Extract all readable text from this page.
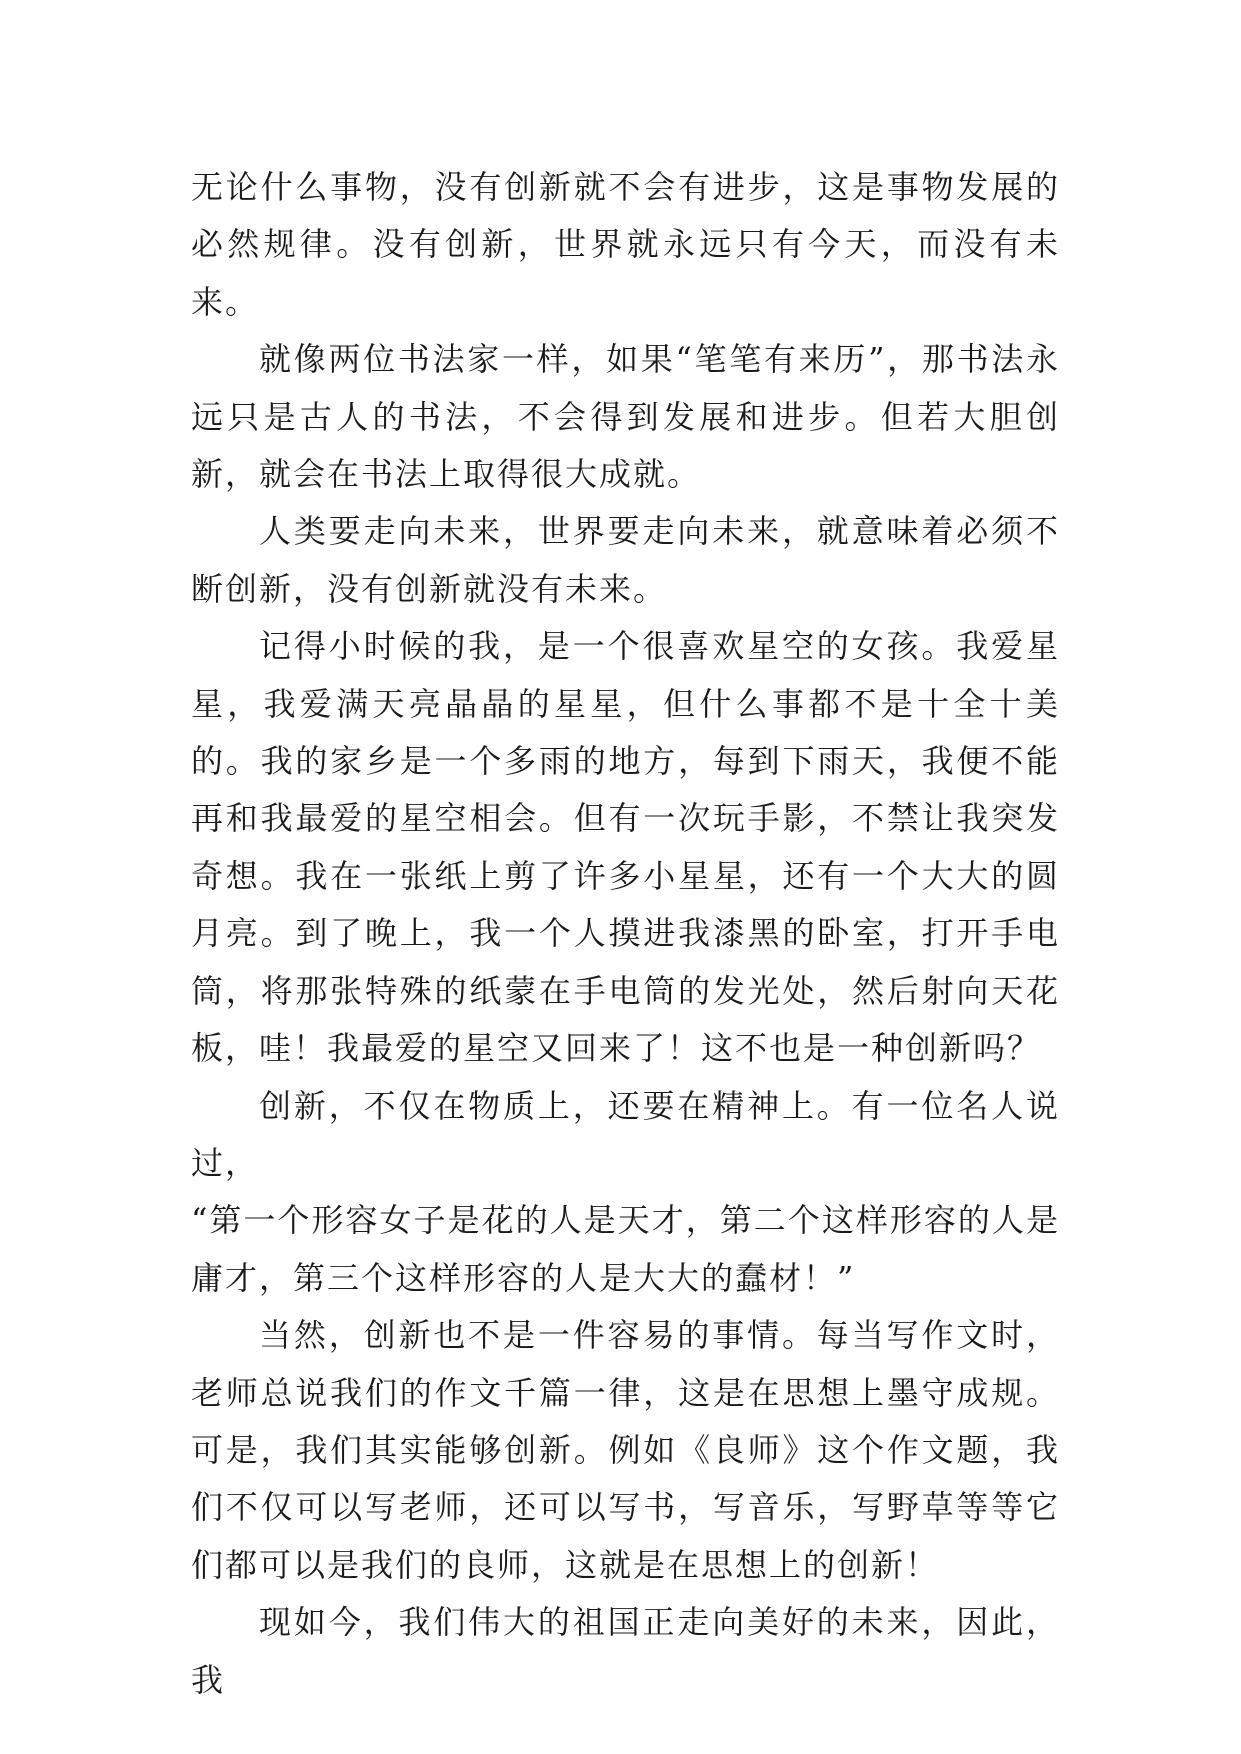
无论什么事物，没有创新就不会有进步，这是事物发展的必然规律。没有创新，世界就永远只有今天，而没有未来。

就像两位书法家一样，如果“笔笔有来历”，那书法永远只是古人的书法，不会得到发展和进步。但若大胆创新，就会在书法上取得很大成就。

人类要走向未来，世界要走向未来，就意味着必须不断创新，没有创新就没有未来。

记得小时候的我，是一个很喜欢星空的女孩。我爱星星，我爱满天亮晶晶的星星，但什么事都不是十全十美的。我的家乡是一个多雨的地方，每到下雨天，我便不能再和我最爱的星空相会。但有一次玩手影，不禁让我突发奇想。我在一张纸上剪了许多小星星，还有一个大大的圆月亮。到了晚上，我一个人摸进我漆黑的卧室，打开手电筒，将那张特殊的纸蒙在手电筒的发光处，然后射向天花板，哇！我最爱的星空又回来了！这不也是一种创新吗？

创新，不仅在物质上，还要在精神上。有一位名人说过，

“第一个形容女子是花的人是天才，第二个这样形容的人是庸才，第三个这样形容的人是大大的蠢材！”

当然，创新也不是一件容易的事情。每当写作文时，老师总说我们的作文千篇一律，这是在思想上墨守成规。可是，我们其实能够创新。例如《良师》这个作文题，我们不仅可以写老师，还可以写书，写音乐，写野草等等它们都可以是我们的良师，这就是在思想上的创新！

现如今，我们伟大的祖国正走向美好的未来，因此，我
